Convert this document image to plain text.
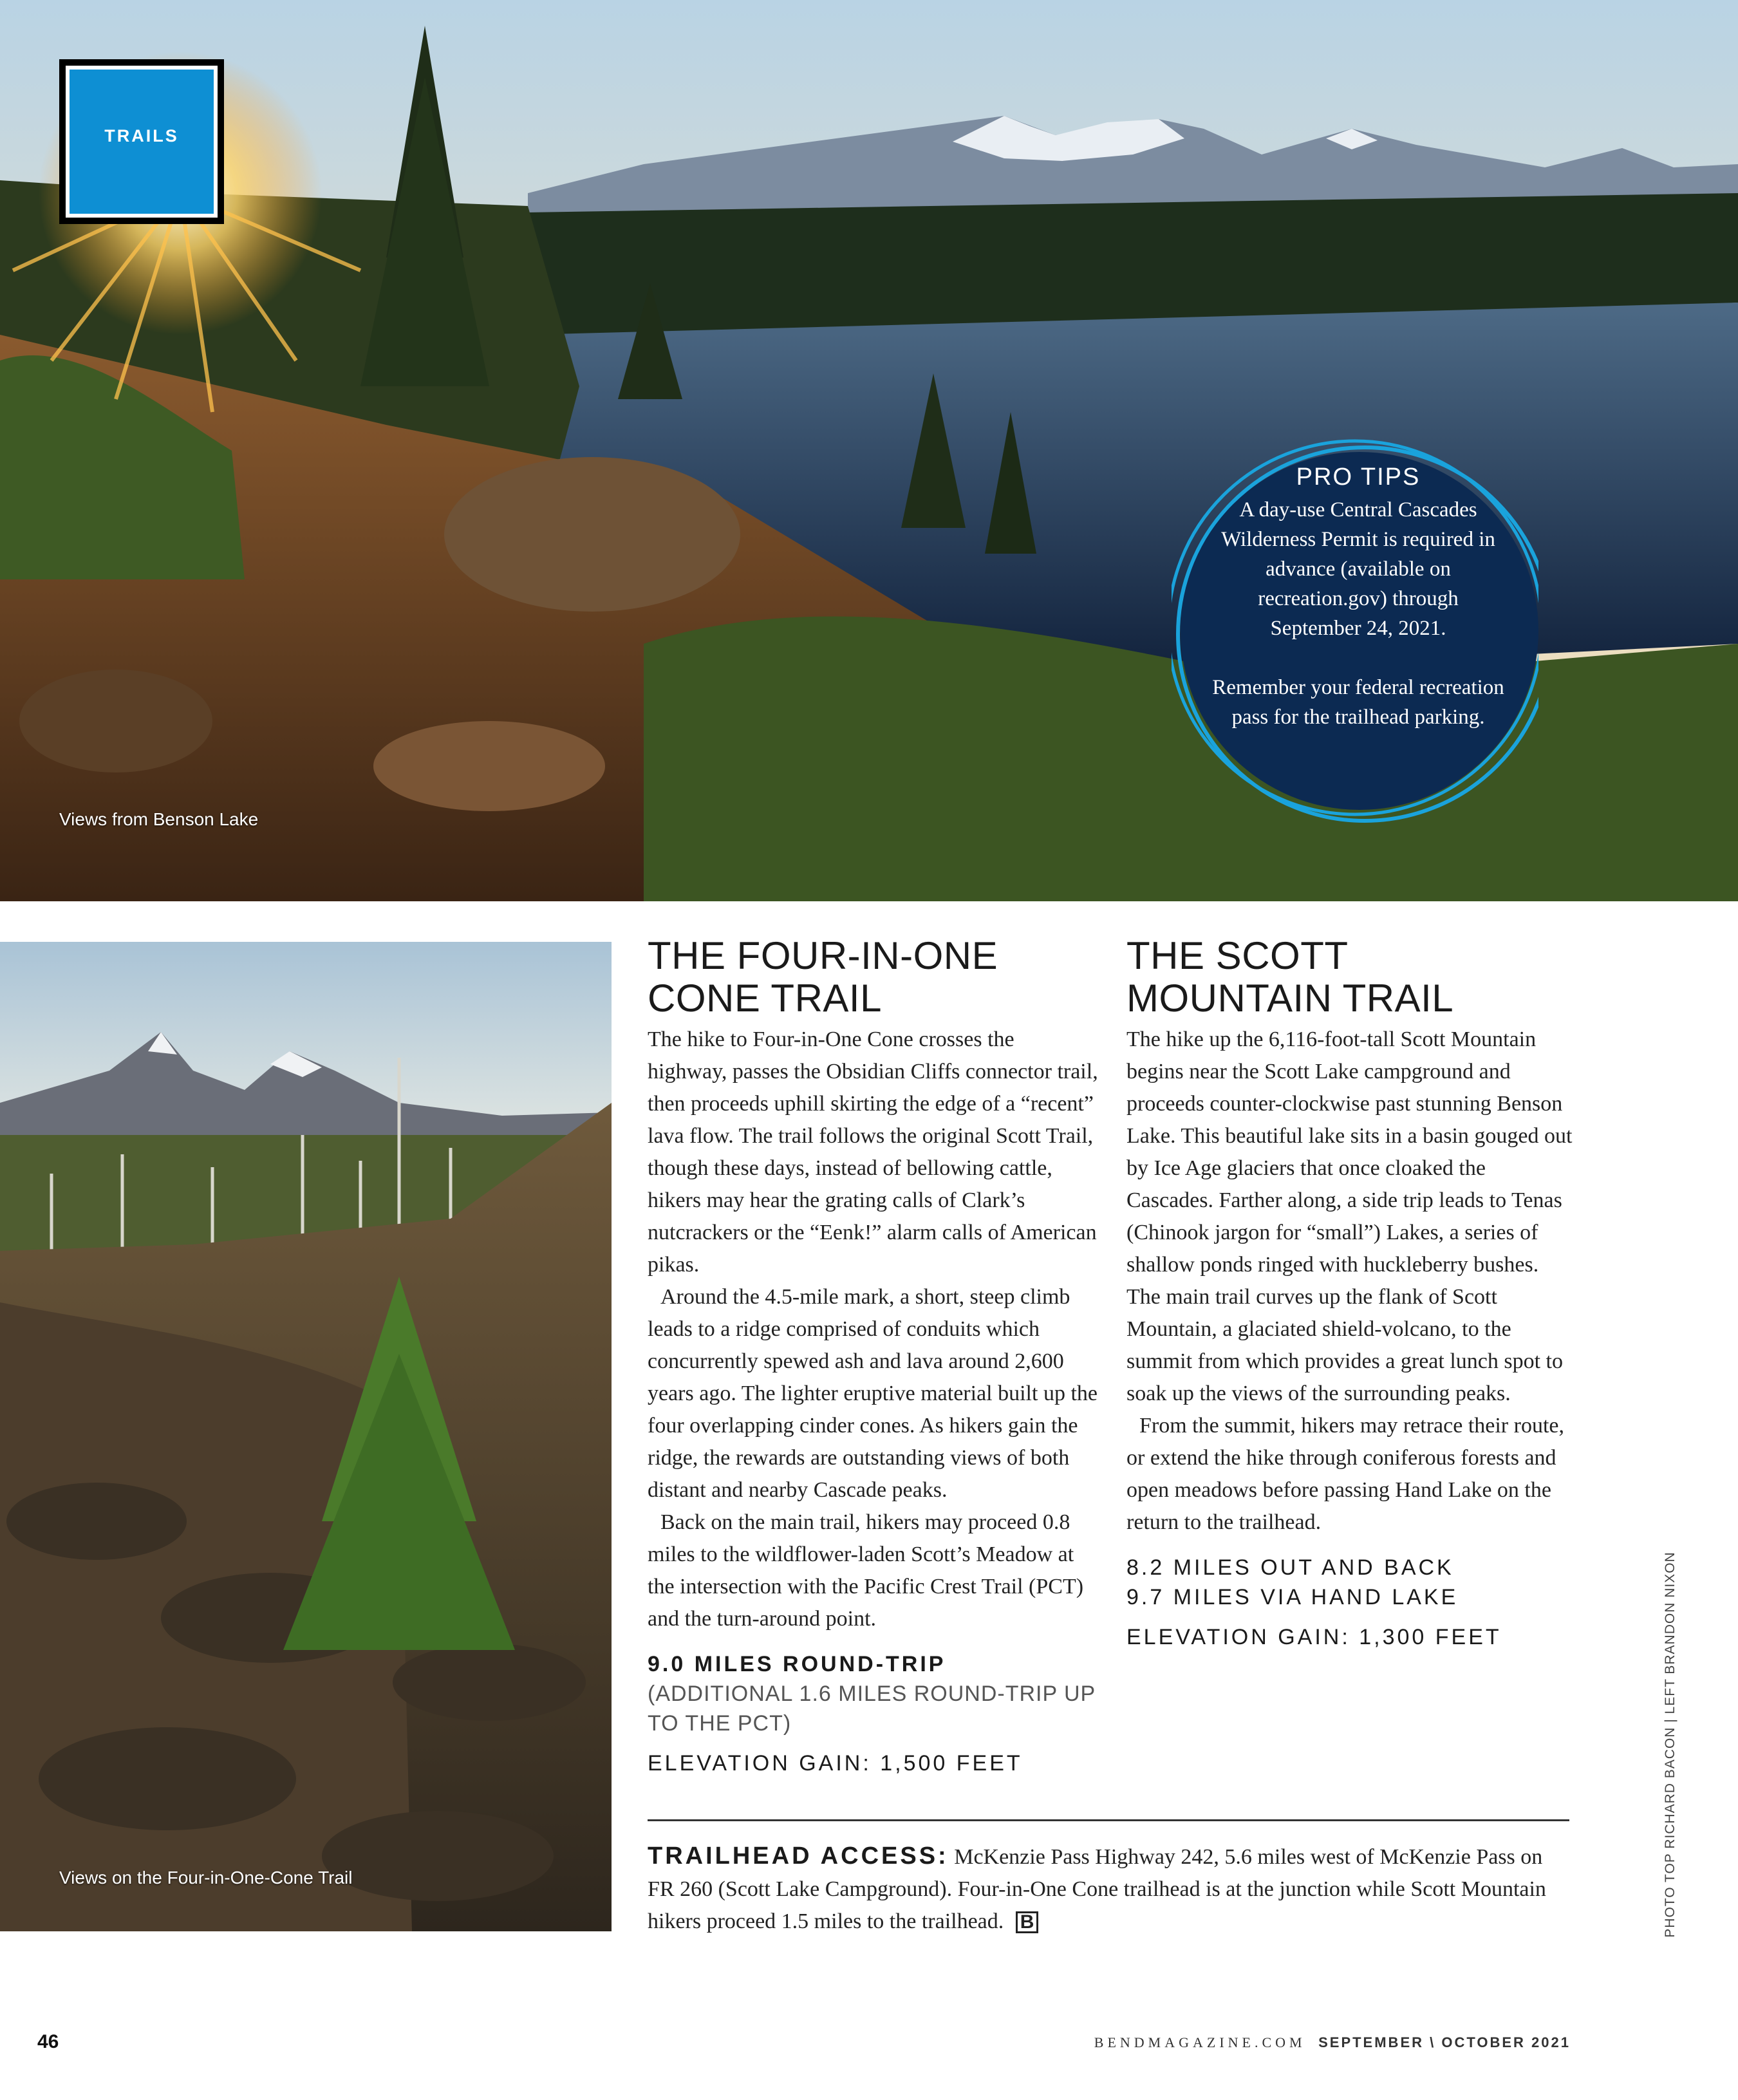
TRAILS
Views from Benson Lake
PRO TIPS

A day-use Central Cascades Wilderness Permit is required in advance (available on recreation.gov) through September 24, 2021.

Remember your federal recreation pass for the trailhead parking.

Views on the Four-in-One-Cone Trail
THE FOUR-IN-ONE CONE TRAIL

The hike to Four-in-One Cone crosses the highway, passes the Obsidian Cliffs connector trail, then proceeds uphill skirting the edge of a “recent” lava flow. The trail follows the original Scott Trail, though these days, instead of bellowing cattle, hikers may hear the grating calls of Clark’s nutcrackers or the “Eenk!” alarm calls of American pikas.

Around the 4.5-mile mark, a short, steep climb leads to a ridge comprised of conduits which concurrently spewed ash and lava around 2,600 years ago. The lighter eruptive material built up the four overlapping cinder cones. As hikers gain the ridge, the rewards are outstanding views of both distant and nearby Cascade peaks.

Back on the main trail, hikers may proceed 0.8 miles to the wildflower-laden Scott’s Meadow at the intersection with the Pacific Crest Trail (PCT) and the turn-around point.

9.0 MILES ROUND-TRIP (ADDITIONAL 1.6 MILES ROUND-TRIP UP TO THE PCT)
ELEVATION GAIN: 1,500 FEET
THE SCOTT MOUNTAIN TRAIL

The hike up the 6,116-foot-tall Scott Mountain begins near the Scott Lake campground and proceeds counter-clockwise past stunning Benson Lake. This beautiful lake sits in a basin gouged out by Ice Age glaciers that once cloaked the Cascades. Farther along, a side trip leads to Tenas (Chinook jargon for “small”) Lakes, a series of shallow ponds ringed with huckleberry bushes. The main trail curves up the flank of Scott Mountain, a glaciated shield-volcano, to the summit from which provides a great lunch spot to soak up the views of the surrounding peaks.

From the summit, hikers may retrace their route, or extend the hike through coniferous forests and open meadows before passing Hand Lake on the return to the trailhead.

8.2 MILES OUT AND BACK
9.7 MILES VIA HAND LAKE
ELEVATION GAIN: 1,300 FEET
TRAILHEAD ACCESS: McKenzie Pass Highway 242, 5.6 miles west of McKenzie Pass on FR 260 (Scott Lake Campground). Four-in-One Cone trailhead is at the junction while Scott Mountain hikers proceed 1.5 miles to the trailhead. B	PHOTO TOP RICHARD BACON | LEFT BRANDON NIXON
46	BENDMAGAZINE.COM SEPTEMBER \ OCTOBER 2021
